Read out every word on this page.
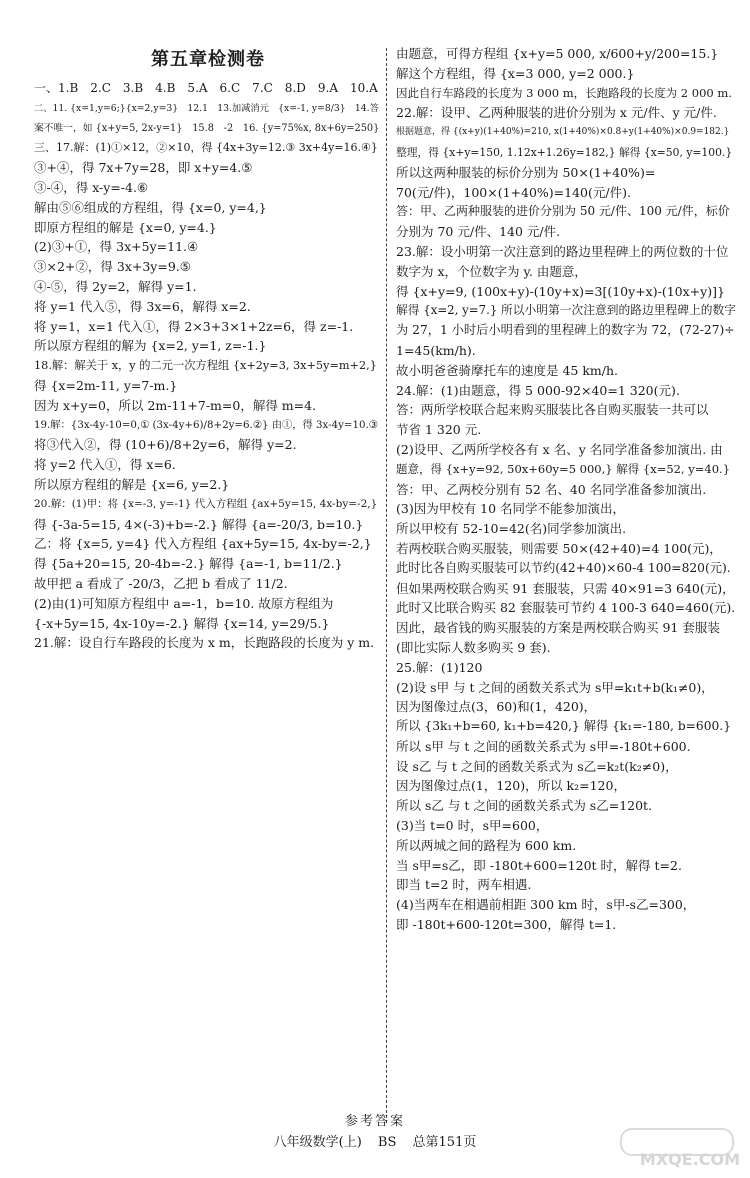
第五章检测卷

一、1.B　2.C　3.B　4.B　5.A　6.C　7.C　8.D　9.A　10.A

二、11. {x=1,y=6;}{x=2,y=3}　12.1　13.加减消元　{x=-1, y=8/3}　14.答

案不唯一，如 {x+y=5, 2x-y=1}　15.8　-2　16. {y=75%x, 8x+6y=250}

三、17.解：(1)①×12，②×10，得 {4x+3y=12.③ 3x+4y=16.④}

③+④，得 7x+7y=28，即 x+y=4.⑤

③-④，得 x-y=-4.⑥

解由⑤⑥组成的方程组，得 {x=0, y=4,}

即原方程组的解是 {x=0, y=4.}

(2)③+①，得 3x+5y=11.④

③×2+②，得 3x+3y=9.⑤

④-⑤，得 2y=2，解得 y=1.

将 y=1 代入⑤，得 3x=6，解得 x=2.

将 y=1，x=1 代入①，得 2×3+3×1+2z=6，得 z=-1.

所以原方程组的解为 {x=2, y=1, z=-1.}

18.解：解关于 x，y 的二元一次方程组 {x+2y=3, 3x+5y=m+2,}

得 {x=2m-11, y=7-m.}

因为 x+y=0，所以 2m-11+7-m=0，解得 m=4.

19.解：{3x-4y-10=0,① (3x-4y+6)/8+2y=6.②} 由①，得 3x-4y=10.③

将③代入②，得 (10+6)/8+2y=6，解得 y=2.

将 y=2 代入①，得 x=6.

所以原方程组的解是 {x=6, y=2.}

20.解：(1)甲：将 {x=-3, y=-1} 代入方程组 {ax+5y=15, 4x-by=-2,}

得 {-3a-5=15, 4×(-3)+b=-2.} 解得 {a=-20/3, b=10.}

乙：将 {x=5, y=4} 代入方程组 {ax+5y=15, 4x-by=-2,}

得 {5a+20=15, 20-4b=-2.} 解得 {a=-1, b=11/2.}

故甲把 a 看成了 -20/3，乙把 b 看成了 11/2.

(2)由(1)可知原方程组中 a=-1，b=10. 故原方程组为

{-x+5y=15, 4x-10y=-2.} 解得 {x=14, y=29/5.}

21.解：设自行车路段的长度为 x m，长跑路段的长度为 y m.

由题意，可得方程组 {x+y=5 000, x/600+y/200=15.}

解这个方程组，得 {x=3 000, y=2 000.}

因此自行车路段的长度为 3 000 m，长跑路段的长度为 2 000 m.

22.解：设甲、乙两种服装的进价分别为 x 元/件、y 元/件.

根据题意，得 {(x+y)(1+40%)=210, x(1+40%)×0.8+y(1+40%)×0.9=182.}

整理，得 {x+y=150, 1.12x+1.26y=182,} 解得 {x=50, y=100.}

所以这两种服装的标价分别为 50×(1+40%)=

70(元/件)，100×(1+40%)=140(元/件).

答：甲、乙两种服装的进价分别为 50 元/件、100 元/件，标价

分别为 70 元/件、140 元/件.

23.解：设小明第一次注意到的路边里程碑上的两位数的十位

数字为 x，个位数字为 y. 由题意，

得 {x+y=9, (100x+y)-(10y+x)=3[(10y+x)-(10x+y)]}

解得 {x=2, y=7.} 所以小明第一次注意到的路边里程碑上的数字

为 27，1 小时后小明看到的里程碑上的数字为 72，(72-27)÷

1=45(km/h).

故小明爸爸骑摩托车的速度是 45 km/h.

24.解：(1)由题意，得 5 000-92×40=1 320(元).

答：两所学校联合起来购买服装比各自购买服装一共可以

节省 1 320 元.

(2)设甲、乙两所学校各有 x 名、y 名同学准备参加演出. 由

题意，得 {x+y=92, 50x+60y=5 000,} 解得 {x=52, y=40.}

答：甲、乙两校分别有 52 名、40 名同学准备参加演出.

(3)因为甲校有 10 名同学不能参加演出，

所以甲校有 52-10=42(名)同学参加演出.

若两校联合购买服装，则需要 50×(42+40)=4 100(元)，

此时比各自购买服装可以节约(42+40)×60-4 100=820(元).

但如果两校联合购买 91 套服装，只需 40×91=3 640(元)，

此时又比联合购买 82 套服装可节约 4 100-3 640=460(元).

因此，最省钱的购买服装的方案是两校联合购买 91 套服装

(即比实际人数多购买 9 套).

25.解：(1)120

(2)设 s甲 与 t 之间的函数关系式为 s甲=k₁t+b(k₁≠0)，

因为图像过点(3，60)和(1，420)，

所以 {3k₁+b=60, k₁+b=420,} 解得 {k₁=-180, b=600.}

所以 s甲 与 t 之间的函数关系式为 s甲=-180t+600.

设 s乙 与 t 之间的函数关系式为 s乙=k₂t(k₂≠0)，

因为图像过点(1，120)，所以 k₂=120，

所以 s乙 与 t 之间的函数关系式为 s乙=120t.

(3)当 t=0 时，s甲=600，

所以两城之间的路程为 600 km.

当 s甲=s乙，即 -180t+600=120t 时，解得 t=2.

即当 t=2 时，两车相遇.

(4)当两车在相遇前相距 300 km 时，s甲-s乙=300，

即 -180t+600-120t=300，解得 t=1.

参考答案
八年级数学(上) BS 总第151页
MXQE.COM
